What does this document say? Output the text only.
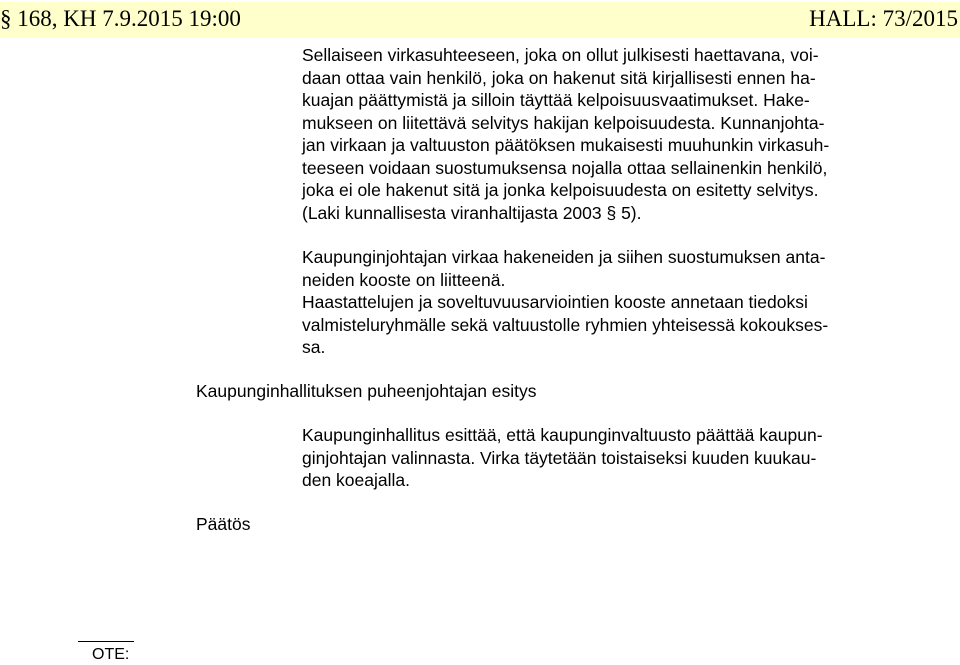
§ 168, KH 7.9.2015 19:00	HALL: 73/2015

Sellaiseen virkasuhteeseen, joka on ollut julkisesti haettavana, voi-
daan ottaa vain henkilö, joka on hakenut sitä kirjallisesti ennen ha-
kuajan päättymistä ja silloin täyttää kelpoisuusvaatimukset. Hake-
mukseen on liitettävä selvitys hakijan kelpoisuudesta. Kunnanjohta-
jan virkaan ja valtuuston päätöksen mukaisesti muuhunkin virkasuh-
teeseen voidaan suostumuksensa nojalla ottaa sellainenkin henkilö,
joka ei ole hakenut sitä ja jonka kelpoisuudesta on esitetty selvitys.
(Laki kunnallisesta viranhaltijasta 2003 § 5).

Kaupunginjohtajan virkaa hakeneiden ja siihen suostumuksen anta-
neiden kooste on liitteenä.
Haastattelujen ja soveltuvuusarviointien kooste annetaan tiedoksi
valmisteluryhmälle sekä valtuustolle ryhmien yhteisessä kokoukses-
sa.

Kaupunginhallituksen puheenjohtajan esitys

Kaupunginhallitus esittää, että kaupunginvaltuusto päättää kaupun-
ginjohtajan valinnasta. Virka täytetään toistaiseksi kuuden kuukau-
den koeajalla.

Päätös
OTE:
